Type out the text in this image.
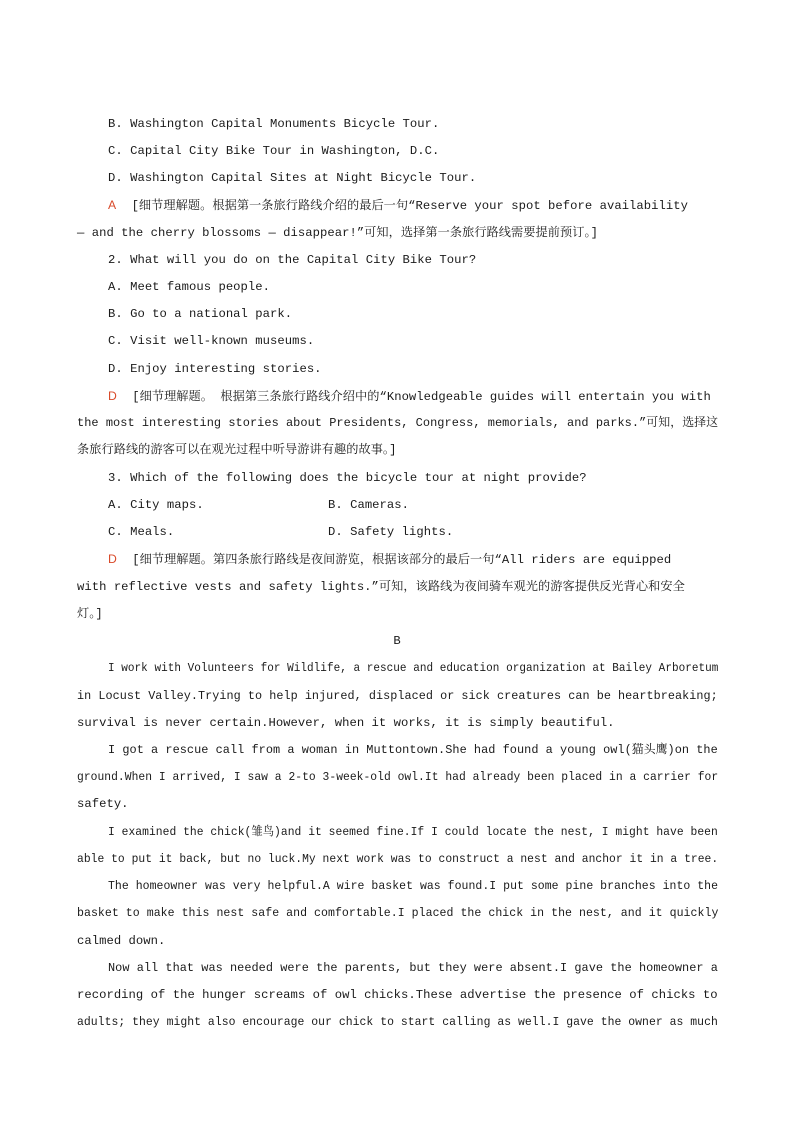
B. Washington Capital Monuments Bicycle Tour.
C. Capital City Bike Tour in Washington, D.C.
D. Washington Capital Sites at Night Bicycle Tour.
A [细节理解题。根据第一条旅行路线介绍的最后一句“Reserve your spot before availability
— and the cherry blossoms — disappear!”可知，选择第一条旅行路线需要提前预订。]
2. What will you do on the Capital City Bike Tour?
A. Meet famous people.
B. Go to a national park.
C. Visit well-known museums.
D. Enjoy interesting stories.
D [细节理解题。 根据第三条旅行路线介绍中的“Knowledgeable guides will entertain you with
the most interesting stories about Presidents, Congress, memorials, and parks.”可知，选择这
条旅行路线的游客可以在观光过程中听导游讲有趣的故事。]
3. Which of the following does the bicycle tour at night provide?
A. City maps.	B. Cameras.
C. Meals.	D. Safety lights.
D [细节理解题。第四条旅行路线是夜间游览，根据该部分的最后一句“All riders are equipped
with reflective vests and safety lights.”可知，该路线为夜间骑车观光的游客提供反光背心和安全
灯。]
B
I work with Volunteers for Wildlife, a rescue and education organization at Bailey Arboretum
in Locust Valley.Trying to help injured, displaced or sick creatures can be heartbreaking;
survival is never certain.However, when it works, it is simply beautiful.
I got a rescue call from a woman in Muttontown.She had found a young owl(猫头鹰)on the
ground.When I arrived, I saw a 2-to 3-week-old owl.It had already been placed in a carrier for
safety.
I examined the chick(雏鸟)and it seemed fine.If I could locate the nest, I might have been
able to put it back, but no luck.My next work was to construct a nest and anchor it in a tree.
The homeowner was very helpful.A wire basket was found.I put some pine branches into the
basket to make this nest safe and comfortable.I placed the chick in the nest, and it quickly
calmed down.
Now all that was needed were the parents, but they were absent.I gave the homeowner a
recording of the hunger screams of owl chicks.These advertise the presence of chicks to
adults; they might also encourage our chick to start calling as well.I gave the owner as much
